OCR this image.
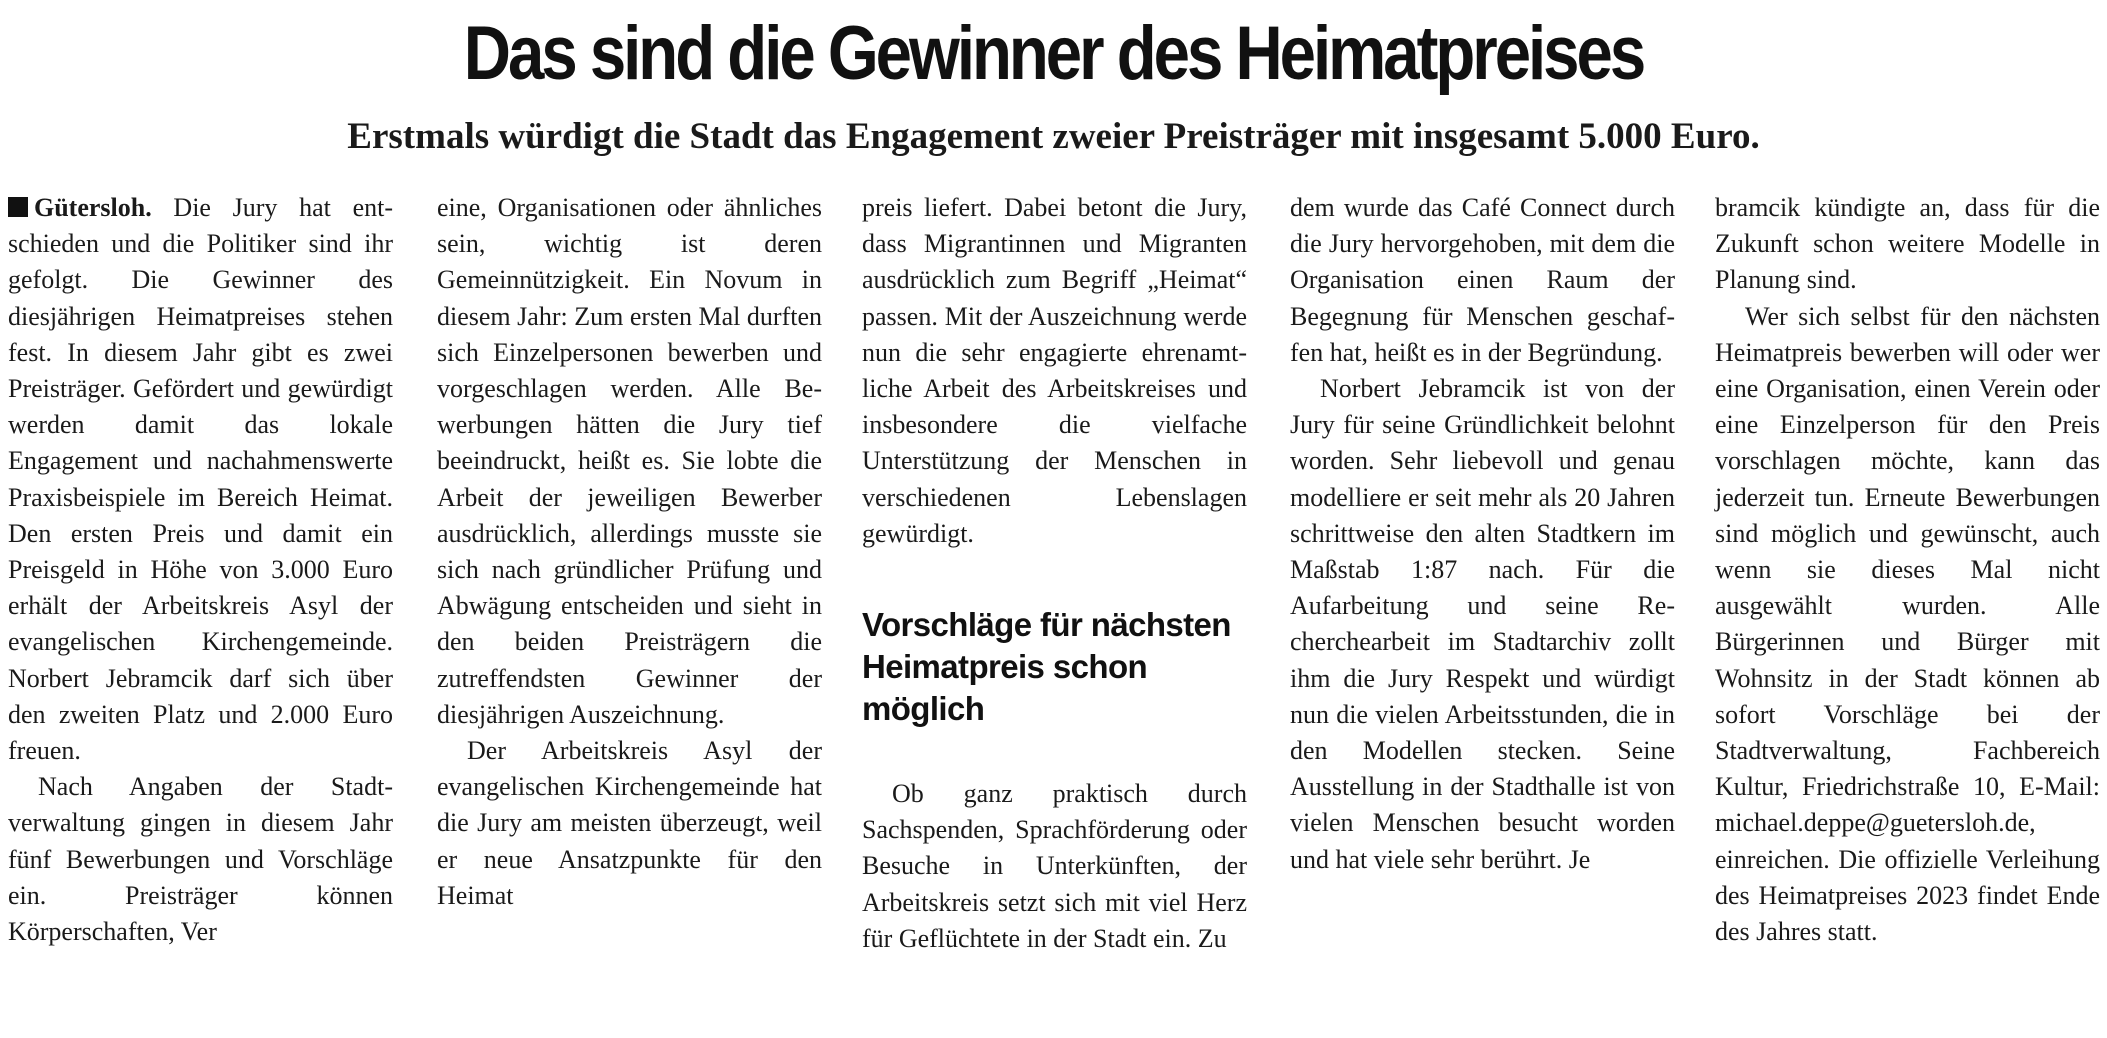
Das sind die Gewinner des Heimatpreises
Erstmals würdigt die Stadt das Engagement zweier Preisträger mit insgesamt 5.000 Euro.

Gütersloh. Die Jury hat entschieden und die Politiker sind ihr gefolgt. Die Gewinner des diesjährigen Heimatpreises stehen fest. In diesem Jahr gibt es zwei Preisträger. Gefördert und gewürdigt werden damit das lokale Engagement und nachahmenswerte Praxisbeispiele im Bereich Heimat. Den ersten Preis und damit ein Preisgeld in Höhe von 3.000 Euro erhält der Arbeitskreis Asyl der evangelischen Kirchengemeinde. Norbert Jebramcik darf sich über den zweiten Platz und 2.000 Euro freuen.

Nach Angaben der Stadtverwaltung gingen in diesem Jahr fünf Bewerbungen und Vorschläge ein. Preisträger können Körperschaften, Ver

eine, Organisationen oder ähnliches sein, wichtig ist deren Gemeinnützigkeit. Ein Novum in diesem Jahr: Zum ersten Mal durften sich Einzelpersonen bewerben und vorgeschlagen werden. Alle Bewerbungen hätten die Jury tief beeindruckt, heißt es. Sie lobte die Arbeit der jeweiligen Bewerber ausdrücklich, allerdings musste sie sich nach gründlicher Prüfung und Abwägung entscheiden und sieht in den beiden Preisträgern die zutreffendsten Gewinner der diesjährigen Auszeichnung.

Der Arbeitskreis Asyl der evangelischen Kirchengemeinde hat die Jury am meisten überzeugt, weil er neue Ansatzpunkte für den Heimat

preis liefert. Dabei betont die Jury, dass Migrantinnen und Migranten ausdrücklich zum Begriff „Heimat“ passen. Mit der Auszeichnung werde nun die sehr engagierte ehrenamtliche Arbeit des Arbeitskreises und insbesondere die vielfache Unterstützung der Menschen in verschiedenen Lebenslagen gewürdigt.

Vorschläge für nächsten Heimatpreis schon möglich

Ob ganz praktisch durch Sachspenden, Sprachförderung oder Besuche in Unterkünften, der Arbeitskreis setzt sich mit viel Herz für Geflüchtete in der Stadt ein. Zu

dem wurde das Café Connect durch die Jury hervorgehoben, mit dem die Organisation einen Raum der Begegnung für Menschen geschaffen hat, heißt es in der Begründung.

Norbert Jebramcik ist von der Jury für seine Gründlichkeit belohnt worden. Sehr liebevoll und genau modelliere er seit mehr als 20 Jahren schrittweise den alten Stadtkern im Maßstab 1:87 nach. Für die Aufarbeitung und seine Recherchearbeit im Stadtarchiv zollt ihm die Jury Respekt und würdigt nun die vielen Arbeitsstunden, die in den Modellen stecken. Seine Ausstellung in der Stadthalle ist von vielen Menschen besucht worden und hat viele sehr berührt. Je

bramcik kündigte an, dass für die Zukunft schon weitere Modelle in Planung sind.

Wer sich selbst für den nächsten Heimatpreis bewerben will oder wer eine Organisation, einen Verein oder eine Einzelperson für den Preis vorschlagen möchte, kann das jederzeit tun. Erneute Bewerbungen sind möglich und gewünscht, auch wenn sie dieses Mal nicht ausgewählt wurden. Alle Bürgerinnen und Bürger mit Wohnsitz in der Stadt können ab sofort Vorschläge bei der Stadtverwaltung, Fachbereich Kultur, Friedrichstraße 10, E-Mail: michael.deppe@guetersloh.de, einreichen. Die offizielle Verleihung des Heimatpreises 2023 findet Ende des Jahres statt.
